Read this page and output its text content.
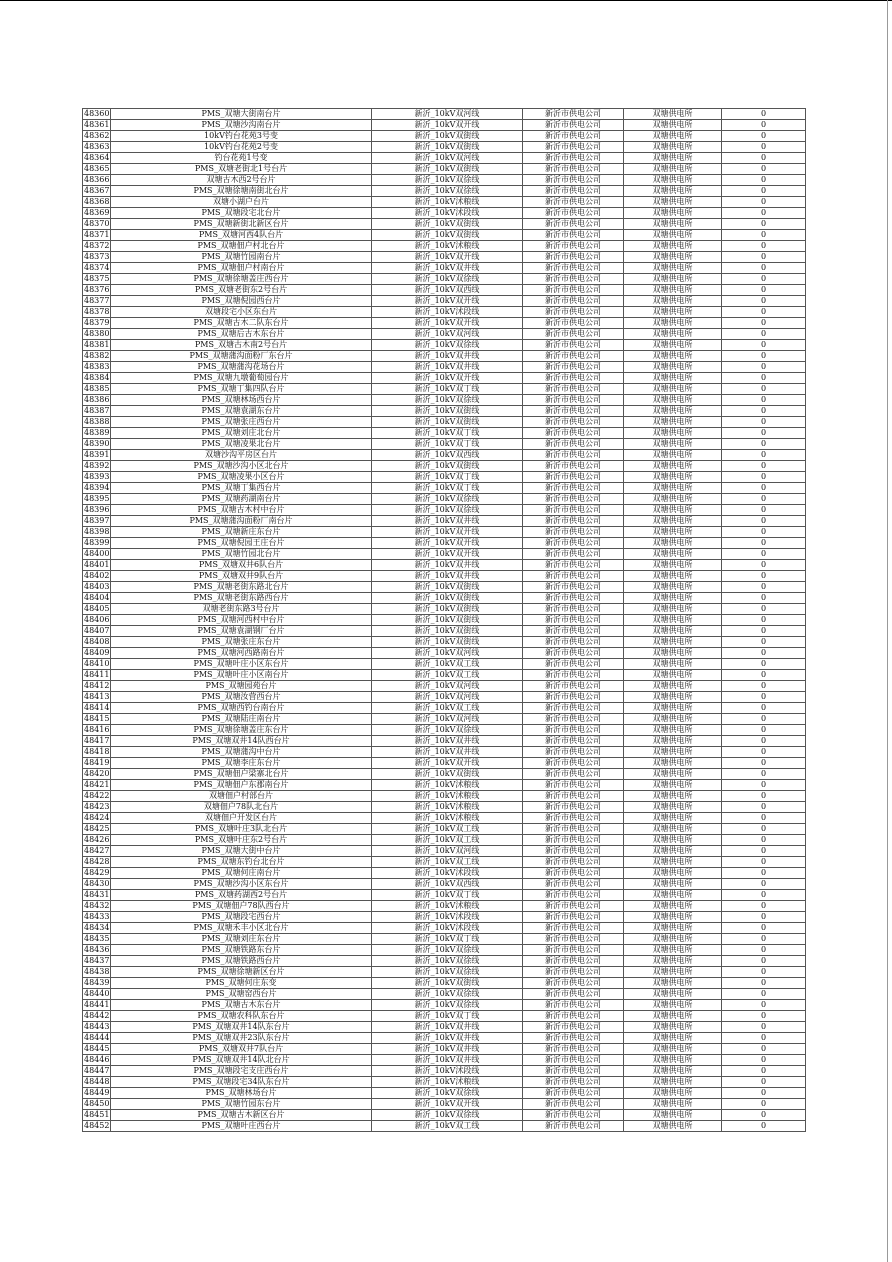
48360	PMS_双塘大街南台片	新沂_10kV双河线	新沂市供电公司	双塘供电所	0
48361	PMS_双塘沙沟南台片	新沂_10kV双开线	新沂市供电公司	双塘供电所	0
48362	10kV钓台花苑3号变	新沂_10kV双街线	新沂市供电公司	双塘供电所	0
48363	10kV钓台花苑2号变	新沂_10kV双街线	新沂市供电公司	双塘供电所	0
48364	钓台花苑1号变	新沂_10kV双河线	新沂市供电公司	双塘供电所	0
48365	PMS_双塘老街北1号台片	新沂_10kV双街线	新沂市供电公司	双塘供电所	0
48366	双塘古木西2号台片	新沂_10kV双徐线	新沂市供电公司	双塘供电所	0
48367	PMS_双塘徐塘南街北台片	新沂_10kV双徐线	新沂市供电公司	双塘供电所	0
48368	双塘小湖户台片	新沂_10kV沭粮线	新沂市供电公司	双塘供电所	0
48369	PMS_双塘段宅北台片	新沂_10kV沭段线	新沂市供电公司	双塘供电所	0
48370	PMS_双塘新街北新区台片	新沂_10kV双街线	新沂市供电公司	双塘供电所	0
48371	PMS_双塘河西4队台片	新沂_10kV双街线	新沂市供电公司	双塘供电所	0
48372	PMS_双塘佃户村北台片	新沂_10kV沭粮线	新沂市供电公司	双塘供电所	0
48373	PMS_双塘竹园南台片	新沂_10kV双开线	新沂市供电公司	双塘供电所	0
48374	PMS_双塘佃户村南台片	新沂_10kV双井线	新沂市供电公司	双塘供电所	0
48375	PMS_双塘徐塘盖庄西台片	新沂_10kV双徐线	新沂市供电公司	双塘供电所	0
48376	PMS_双塘老街东2号台片	新沂_10kV双西线	新沂市供电公司	双塘供电所	0
48377	PMS_双塘倪园西台片	新沂_10kV双开线	新沂市供电公司	双塘供电所	0
48378	双塘段宅小区东台片	新沂_10kV沭段线	新沂市供电公司	双塘供电所	0
48379	PMS_双塘古木二队东台片	新沂_10kV双开线	新沂市供电公司	双塘供电所	0
48380	PMS_双塘后古木东台片	新沂_10kV双河线	新沂市供电公司	双塘供电所	0
48381	PMS_双塘古木南2号台片	新沂_10kV双徐线	新沂市供电公司	双塘供电所	0
48382	PMS_双塘蒲沟面粉厂东台片	新沂_10kV双井线	新沂市供电公司	双塘供电所	0
48383	PMS_双塘蒲沟花场台片	新沂_10kV双井线	新沂市供电公司	双塘供电所	0
48384	PMS_双塘九墩葡萄园台片	新沂_10kV双开线	新沂市供电公司	双塘供电所	0
48385	PMS_双塘丁集四队台片	新沂_10kV双丁线	新沂市供电公司	双塘供电所	0
48386	PMS_双塘林场西台片	新沂_10kV双徐线	新沂市供电公司	双塘供电所	0
48387	PMS_双塘袁湖东台片	新沂_10kV双街线	新沂市供电公司	双塘供电所	0
48388	PMS_双塘张庄西台片	新沂_10kV双街线	新沂市供电公司	双塘供电所	0
48389	PMS_双塘刘庄北台片	新沂_10kV双丁线	新沂市供电公司	双塘供电所	0
48390	PMS_双塘凌果北台片	新沂_10kV双丁线	新沂市供电公司	双塘供电所	0
48391	双塘沙沟平房区台片	新沂_10kV双西线	新沂市供电公司	双塘供电所	0
48392	PMS_双塘沙沟小区北台片	新沂_10kV双街线	新沂市供电公司	双塘供电所	0
48393	PMS_双塘凌果小区台片	新沂_10kV双丁线	新沂市供电公司	双塘供电所	0
48394	PMS_双塘丁集西台片	新沂_10kV双丁线	新沂市供电公司	双塘供电所	0
48395	PMS_双塘药湖南台片	新沂_10kV双徐线	新沂市供电公司	双塘供电所	0
48396	PMS_双塘古木村中台片	新沂_10kV双徐线	新沂市供电公司	双塘供电所	0
48397	PMS_双塘蒲沟面粉厂南台片	新沂_10kV双井线	新沂市供电公司	双塘供电所	0
48398	PMS_双塘新庄东台片	新沂_10kV双开线	新沂市供电公司	双塘供电所	0
48399	PMS_双塘倪园王庄台片	新沂_10kV双开线	新沂市供电公司	双塘供电所	0
48400	PMS_双塘竹园北台片	新沂_10kV双开线	新沂市供电公司	双塘供电所	0
48401	PMS_双塘双井6队台片	新沂_10kV双井线	新沂市供电公司	双塘供电所	0
48402	PMS_双塘双井9队台片	新沂_10kV双井线	新沂市供电公司	双塘供电所	0
48403	PMS_双塘老街东路北台片	新沂_10kV双街线	新沂市供电公司	双塘供电所	0
48404	PMS_双塘老街东路西台片	新沂_10kV双街线	新沂市供电公司	双塘供电所	0
48405	双塘老街东路3号台片	新沂_10kV双街线	新沂市供电公司	双塘供电所	0
48406	PMS_双塘河西村中台片	新沂_10kV双街线	新沂市供电公司	双塘供电所	0
48407	PMS_双塘袁湖钢厂台片	新沂_10kV双街线	新沂市供电公司	双塘供电所	0
48408	PMS_双塘张庄东台片	新沂_10kV双街线	新沂市供电公司	双塘供电所	0
48409	PMS_双塘河西路南台片	新沂_10kV双河线	新沂市供电公司	双塘供电所	0
48410	PMS_双塘叶庄小区东台片	新沂_10kV双工线	新沂市供电公司	双塘供电所	0
48411	PMS_双塘叶庄小区南台片	新沂_10kV双工线	新沂市供电公司	双塘供电所	0
48412	PMS_双塘园苑台片	新沂_10kV双河线	新沂市供电公司	双塘供电所	0
48413	PMS_双塘汝营西台片	新沂_10kV双河线	新沂市供电公司	双塘供电所	0
48414	PMS_双塘西钓台南台片	新沂_10kV双工线	新沂市供电公司	双塘供电所	0
48415	PMS_双塘陆庄南台片	新沂_10kV双河线	新沂市供电公司	双塘供电所	0
48416	PMS_双塘徐塘盖庄东台片	新沂_10kV双徐线	新沂市供电公司	双塘供电所	0
48417	PMS_双塘双井14队西台片	新沂_10kV双井线	新沂市供电公司	双塘供电所	0
48418	PMS_双塘蒲沟中台片	新沂_10kV双井线	新沂市供电公司	双塘供电所	0
48419	PMS_双塘李庄东台片	新沂_10kV双开线	新沂市供电公司	双塘供电所	0
48420	PMS_双塘佃户梁寨北台片	新沂_10kV双街线	新沂市供电公司	双塘供电所	0
48421	PMS_双塘佃户东郡南台片	新沂_10kV沭粮线	新沂市供电公司	双塘供电所	0
48422	双塘佃户村部台片	新沂_10kV沭粮线	新沂市供电公司	双塘供电所	0
48423	双塘佃户78队北台片	新沂_10kV沭粮线	新沂市供电公司	双塘供电所	0
48424	双塘佃户开发区台片	新沂_10kV沭粮线	新沂市供电公司	双塘供电所	0
48425	PMS_双塘叶庄3队北台片	新沂_10kV双工线	新沂市供电公司	双塘供电所	0
48426	PMS_双塘叶庄东2号台片	新沂_10kV双工线	新沂市供电公司	双塘供电所	0
48427	PMS_双塘大街中台片	新沂_10kV双河线	新沂市供电公司	双塘供电所	0
48428	PMS_双塘东钓台北台片	新沂_10kV双工线	新沂市供电公司	双塘供电所	0
48429	PMS_双塘何庄南台片	新沂_10kV沭段线	新沂市供电公司	双塘供电所	0
48430	PMS_双塘沙沟小区东台片	新沂_10kV双西线	新沂市供电公司	双塘供电所	0
48431	PMS_双塘药湖西2号台片	新沂_10kV双丁线	新沂市供电公司	双塘供电所	0
48432	PMS_双塘佃户78队西台片	新沂_10kV沭粮线	新沂市供电公司	双塘供电所	0
48433	PMS_双塘段宅西台片	新沂_10kV沭段线	新沂市供电公司	双塘供电所	0
48434	PMS_双塘禾丰小区北台片	新沂_10kV沭段线	新沂市供电公司	双塘供电所	0
48435	PMS_双塘刘庄东台片	新沂_10kV双丁线	新沂市供电公司	双塘供电所	0
48436	PMS_双塘铁路东台片	新沂_10kV双徐线	新沂市供电公司	双塘供电所	0
48437	PMS_双塘铁路西台片	新沂_10kV双徐线	新沂市供电公司	双塘供电所	0
48438	PMS_双塘徐塘新区台片	新沂_10kV双徐线	新沂市供电公司	双塘供电所	0
48439	PMS_双塘何庄东变	新沂_10kV双街线	新沂市供电公司	双塘供电所	0
48440	PMS_双塘窑西台片	新沂_10kV双徐线	新沂市供电公司	双塘供电所	0
48441	PMS_双塘古木东台片	新沂_10kV双徐线	新沂市供电公司	双塘供电所	0
48442	PMS_双塘农科队东台片	新沂_10kV双丁线	新沂市供电公司	双塘供电所	0
48443	PMS_双塘双井14队东台片	新沂_10kV双井线	新沂市供电公司	双塘供电所	0
48444	PMS_双塘双井23队东台片	新沂_10kV双井线	新沂市供电公司	双塘供电所	0
48445	PMS_双塘双井7队台片	新沂_10kV双井线	新沂市供电公司	双塘供电所	0
48446	PMS_双塘双井14队北台片	新沂_10kV双井线	新沂市供电公司	双塘供电所	0
48447	PMS_双塘段宅支庄西台片	新沂_10kV沭段线	新沂市供电公司	双塘供电所	0
48448	PMS_双塘段宅34队东台片	新沂_10kV沭粮线	新沂市供电公司	双塘供电所	0
48449	PMS_双塘林场台片	新沂_10kV双徐线	新沂市供电公司	双塘供电所	0
48450	PMS_双塘竹园东台片	新沂_10kV双开线	新沂市供电公司	双塘供电所	0
48451	PMS_双塘古木新区台片	新沂_10kV双徐线	新沂市供电公司	双塘供电所	0
48452	PMS_双塘叶庄西台片	新沂_10kV双工线	新沂市供电公司	双塘供电所	0
